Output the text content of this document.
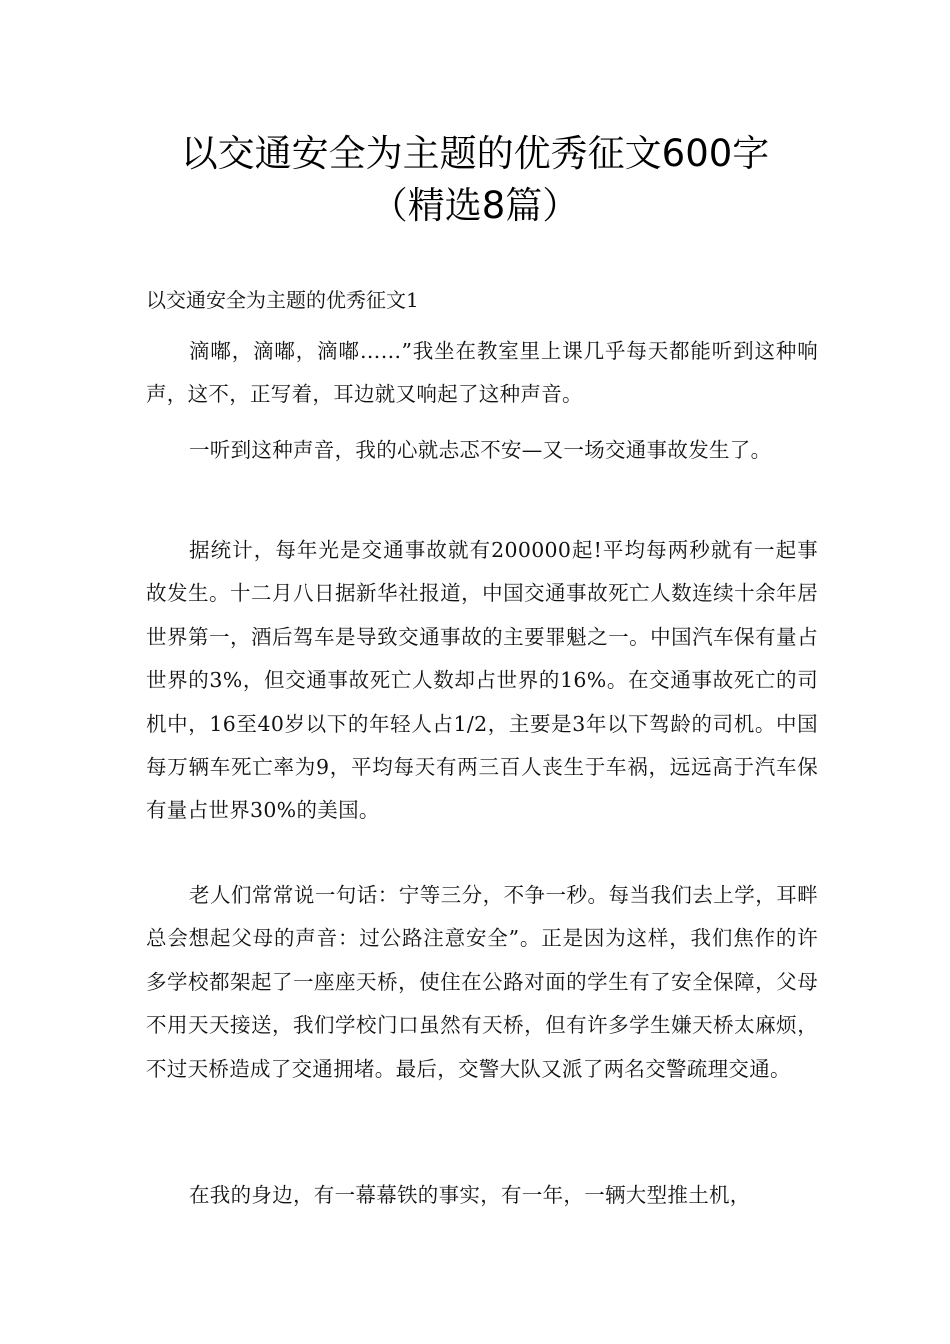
以交通安全为主题的优秀征文600字
（精选8篇）
以交通安全为主题的优秀征文1

滴嘟，滴嘟，滴嘟……”我坐在教室里上课几乎每天都能听到这种响声，这不，正写着，耳边就又响起了这种声音。

一听到这种声音，我的心就忐忑不安—又一场交通事故发生了。

据统计，每年光是交通事故就有200000起!平均每两秒就有一起事故发生。十二月八日据新华社报道，中国交通事故死亡人数连续十余年居世界第一，酒后驾车是导致交通事故的主要罪魁之一。中国汽车保有量占世界的3%，但交通事故死亡人数却占世界的16%。在交通事故死亡的司机中，16至40岁以下的年轻人占1/2，主要是3年以下驾龄的司机。中国每万辆车死亡率为9，平均每天有两三百人丧生于车祸，远远高于汽车保有量占世界30%的美国。

老人们常常说一句话：宁等三分，不争一秒。每当我们去上学，耳畔总会想起父母的声音：过公路注意安全”。正是因为这样，我们焦作的许多学校都架起了一座座天桥，使住在公路对面的学生有了安全保障，父母不用天天接送，我们学校门口虽然有天桥，但有许多学生嫌天桥太麻烦，不过天桥造成了交通拥堵。最后，交警大队又派了两名交警疏理交通。

在我的身边，有一幕幕铁的事实，有一年，一辆大型推土机，
